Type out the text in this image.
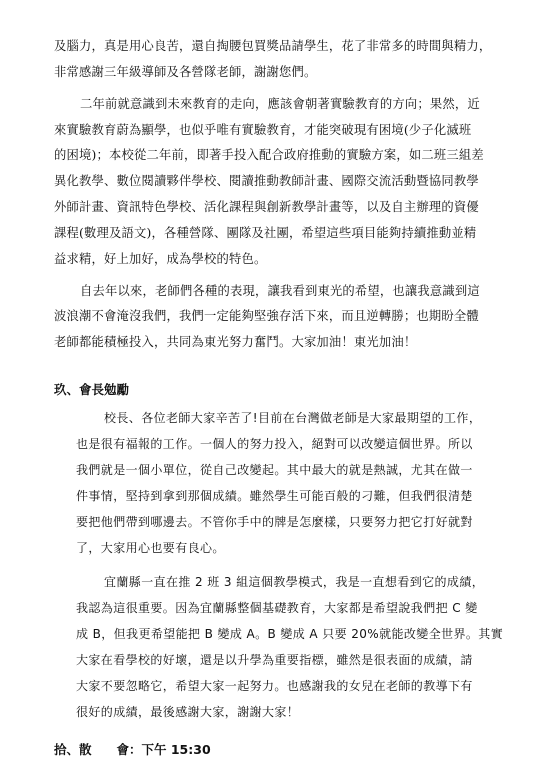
及腦力，真是用心良苦，還自掏腰包買獎品請學生，花了非常多的時間與精力，
非常感謝三年級導師及各營隊老師，謝謝您們。
二年前就意識到未來教育的走向，應該會朝著實驗教育的方向；果然，近
來實驗教育蔚為顯學，也似乎唯有實驗教育，才能突破現有困境(少子化滅班
的困境)；本校從二年前，即著手投入配合政府推動的實驗方案，如二班三組差
異化教學、數位閱讀夥伴學校、閱讀推動教師計畫、國際交流活動暨協同教學
外師計畫、資訊特色學校、活化課程與創新教學計畫等，以及自主辦理的資優
課程(數理及語文)，各種營隊、團隊及社團，希望這些項目能夠持續推動並精
益求精，好上加好，成為學校的特色。
自去年以來，老師們各種的表現，讓我看到東光的希望，也讓我意識到這
波浪潮不會淹沒我們，我們一定能夠堅強存活下來，而且逆轉勝；也期盼全體
老師都能積極投入，共同為東光努力奮鬥。大家加油！東光加油！
玖、會長勉勵
校長、各位老師大家辛苦了!目前在台灣做老師是大家最期望的工作，
也是很有福報的工作。一個人的努力投入，絕對可以改變這個世界。所以
我們就是一個小單位，從自己改變起。其中最大的就是熱誠，尤其在做一
件事情，堅持到拿到那個成績。雖然學生可能百般的刁難，但我們很清楚
要把他們帶到哪邊去。不管你手中的牌是怎麼樣，只要努力把它打好就對
了，大家用心也要有良心。
宜蘭縣一直在推 2 班 3 組這個教學模式，我是一直想看到它的成績，
我認為這很重要。因為宜蘭縣整個基礎教育，大家都是希望說我們把 C 變
成 B，但我更希望能把 B 變成 A。B 變成 A 只要 20%就能改變全世界。其實
大家在看學校的好壞，還是以升學為重要指標，雖然是很表面的成績，請
大家不要忽略它，希望大家一起努力。也感謝我的女兒在老師的教導下有
很好的成績，最後感謝大家，謝謝大家！
拾、散　　會：下午 15:30
